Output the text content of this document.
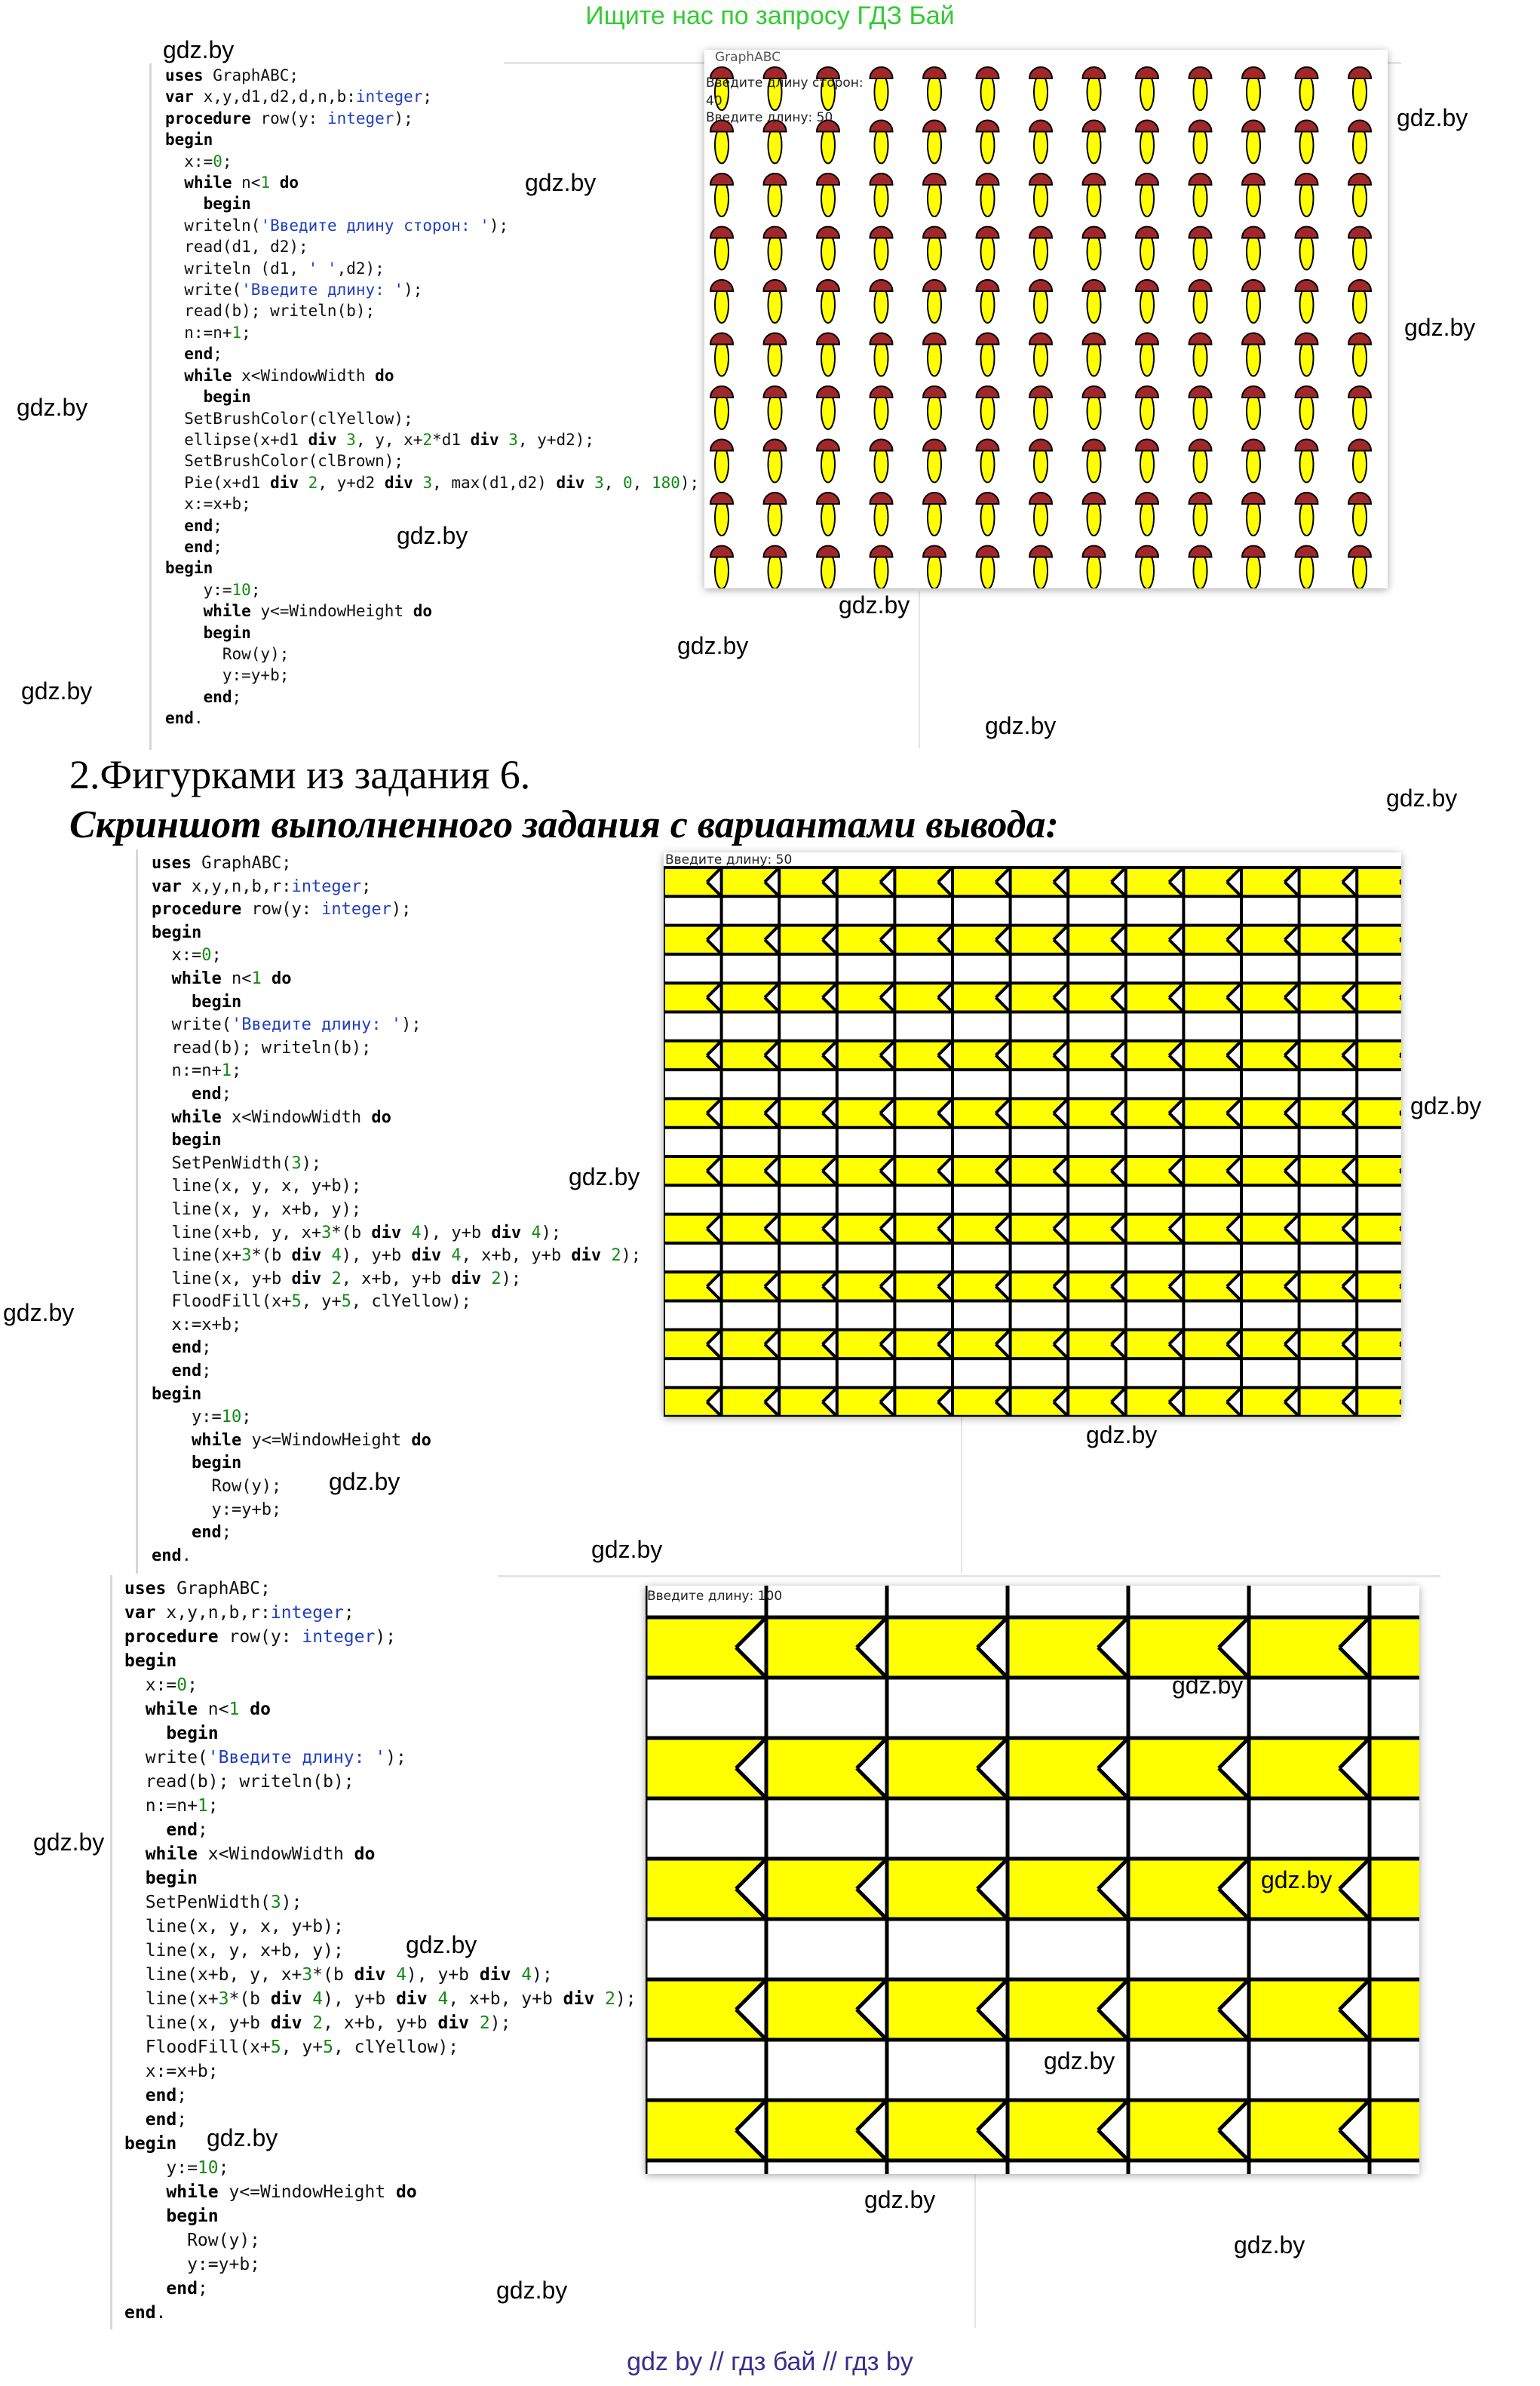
Ищите нас по запросу ГДЗ Бай
uses GraphABC;
var x,y,d1,d2,d,n,b:integer;
procedure row(y: integer);
begin
x:=0;
while n<1 do
begin
writeln('Введите длину сторон: ');
read(d1, d2);
writeln (d1, ' ',d2);
write('Введите длину: ');
read(b); writeln(b);
n:=n+1;
end;
while x<WindowWidth do
begin
SetBrushColor(clYellow);
ellipse(x+d1 div 3, y, x+2*d1 div 3, y+d2);
SetBrushColor(clBrown);
Pie(x+d1 div 2, y+d2 div 3, max(d1,d2) div 3, 0, 180);
x:=x+b;
end;
end;
begin
y:=10;
while y<=WindowHeight do
begin
Row(y);
y:=y+b;
end;
end.
GraphABC
Введите длину сторон:
40
Введите длину: 50
2.Фигурками из задания 6.
Скриншот выполненного задания с вариантами вывода:
uses GraphABC;
var x,y,n,b,r:integer;
procedure row(y: integer);
begin
x:=0;
while n<1 do
begin
write('Введите длину: ');
read(b); writeln(b);
n:=n+1;
end;
while x<WindowWidth do
begin
SetPenWidth(3);
line(x, y, x, y+b);
line(x, y, x+b, y);
line(x+b, y, x+3*(b div 4), y+b div 4);
line(x+3*(b div 4), y+b div 4, x+b, y+b div 2);
line(x, y+b div 2, x+b, y+b div 2);
FloodFill(x+5, y+5, clYellow);
x:=x+b;
end;
end;
begin
y:=10;
while y<=WindowHeight do
begin
Row(y);
y:=y+b;
end;
end.
Введите длину: 50
uses GraphABC;
var x,y,n,b,r:integer;
procedure row(y: integer);
begin
x:=0;
while n<1 do
begin
write('Введите длину: ');
read(b); writeln(b);
n:=n+1;
end;
while x<WindowWidth do
begin
SetPenWidth(3);
line(x, y, x, y+b);
line(x, y, x+b, y);
line(x+b, y, x+3*(b div 4), y+b div 4);
line(x+3*(b div 4), y+b div 4, x+b, y+b div 2);
line(x, y+b div 2, x+b, y+b div 2);
FloodFill(x+5, y+5, clYellow);
x:=x+b;
end;
end;
begin
y:=10;
while y<=WindowHeight do
begin
Row(y);
y:=y+b;
end;
end.
Введите длину: 100
gdz.by
gdz.by
gdz.by
gdz.by
gdz.by
gdz.by
gdz.by
gdz.by
gdz.by
gdz.by
gdz.by
gdz.by
gdz.by
gdz.by
gdz.by
gdz.by
gdz.by
gdz.by
gdz.by
gdz.by
gdz.by
gdz.by
gdz.by
gdz.by
gdz.by
gdz.by
gdz by // гдз бай // гдз by
